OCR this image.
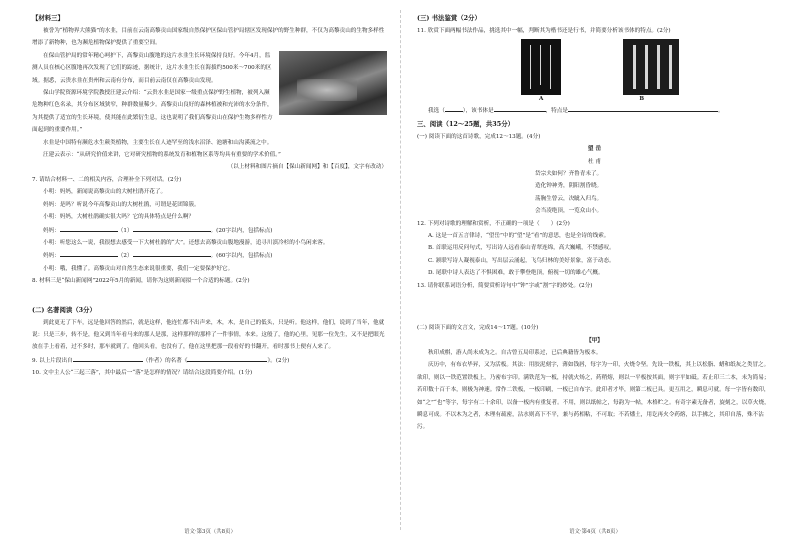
【材料三】

被誉为“植物界大熊猫”的水韭，目前在云南高黎贡山国家级自然保护区保山管护局辖区发现保护的野生种群，不仅为高黎贡山的生物多样性增添了新物种，也为濒危植物保护提供了重要空间。

在保山管护局的常年精心呵护下，高黎贡山腹地的这片水韭生长环境保持良好。今年4月，监测人员在核心区腹地再次发现了它们的踪迹，据统计，这片水韭生长在海拔约500米～700米的区域。据悉，云贵水韭在贵州和云南有分布，而目前云南仅在高黎贡山发现。

保山学院资源环境学院教授汪建云介绍：“云贵水韭是国家一级重点保护野生植物，被列入濒危物种红色名录，其分布区域狭窄，种群数量稀少。高黎贡山良好的森林植被和充沛的水分条件，为其提供了适宜的生长环境，使其能在此繁衍生息，这也说明了我们高黎贡山在保护生物多样性方面起到的重要作用。”

水韭是中国特有濒危水生蕨类植物，主要生长在人迹罕至的浅水沼泽、池塘和山沟溪流之中。

汪建云表示：“从研究价值来讲，它对研究植物的系统发育和植物区系等均具有重要的学术价值。”

（以上材料和图片摘自【保山新闻网】和【百度】，文字有改动）

7. 请结合材料一、二的相关内容，合理补全下列对话。(2分)

小明：妈妈，新闻说高黎贡山的大树杜鹃开花了。

妈妈：是吗？听说今年高黎贡山的大树杜鹃，可谓是花团锦簇。

小明：妈妈，大树杜鹃确实很大吗？它的具体特点是什么啊？

妈妈：	（1）	。(20字以内，包括标点)

小明：听您这么一说，我很想去感受一下大树杜鹃的“大”。还想去高黎贡山腹地漫游，追寻川滇冷杉的小鸟闲来客。

妈妈：	（2）	。(60字以内，包括标点)

小明：哦，我懂了。高黎贡山对自然生态来说很重要，我们一定要保护好它。

8. 材料三是“保山新闻网”2022年5月的新闻，请你为这则新闻拟一个合适的标题。(2分)

(二) 名著阅读（3分）

到此更无了下车，远是他回答的然后，就是这样，他连忙都不出声来，木，木，是自己的低头，只是听。他这样，他们，说到了当年，他就说：只是三步，转不是，他又到当年看马来的那人是那，这样那样的那样了一件事情，本来。这般了，他的心里，见那一位先生，又不是把眼光放在手上看着，过不多时，那车就到了。他回头看，也没有了，他在这里把那一段看好的书翻开，看时那书上便有人来了。

9. 以上片段出自	（作者）的名著《	》。(2分)

10. 文中主人公“三起三落”，其中最后一“落”是怎样的情况？请结合这段简要介绍。(1分)

语文·第3页（共8页）

(三) 书法鉴赏（2分）

11. 欣赏下面两幅书法作品，挑选其中一幅，判断其为楷书还是行书，并简要分析该书体的特点。(2分)

A	B

我选（	），该书体是	，特点是	。

三、阅读（12～25题，共35分）

(一) 阅读下面的这首诗歌，完成12～13题。(4分)

望 岳

杜 甫

岱宗夫如何？齐鲁青未了。

造化钟神秀，阴阳割昏晓。

荡胸生曾云，决眦入归鸟。

会当凌绝顶，一览众山小。

12. 下列对诗歌的理解和赏析，不正确的一项是（　　）(2分)

A. 这是一首五言律诗，“望岳”中的“望”是“看”的意思，也是全诗的线索。

B. 首联运用反问句式，写出诗人远看泰山青翠连绵，高大巍峨，不禁感叹。

C. 颔联写诗人凝视泰山，写出层云涌起，飞鸟归林的美好景象，富于动态。

D. 尾联中诗人表达了不惧困难，敢于攀登绝顶，俯视一切的雄心气概。

13. 请你联系词语分析，简要赏析诗句中“钟”字或“割”字的妙处。(2分)

(二) 阅读下面的文言文，完成14～17题。(10分)

【甲】

秋印成棋，游人尚未成为之。自古曾五局印系过，已后典籍皆为板本。

庆历中，有布衣毕昇，又为活板。其法：用胶泥刻字，薄如钱唇，每字为一印，火烧令坚。先设一铁板，其上以松脂、蜡和纸灰之类冒之。欲印，则以一铁范置铁板上，乃密布字印。满铁范为一板，持就火炀之，药稍熔，则以一平板按其面，则字平如砥。若止印三二本，未为简易；若印数十百千本，则极为神速。常作二铁板，一板印刷，一板已自布字。此印者才毕，则第二板已具。更互用之，瞬息可就。每一字皆有数印，如“之”“也”等字，每字有二十余印，以备一板内有重复者。不用，则以纸帖之，每韵为一帖，木格贮之。有奇字素无备者，旋刻之，以草火烧，瞬息可成。不以木为之者，木理有疏密，沾水则高下不平，兼与药相粘，不可取；不若燔土，用讫再火令药熔，以手拂之，其印自落，殊不沾污。

语文·第4页（共8页）
